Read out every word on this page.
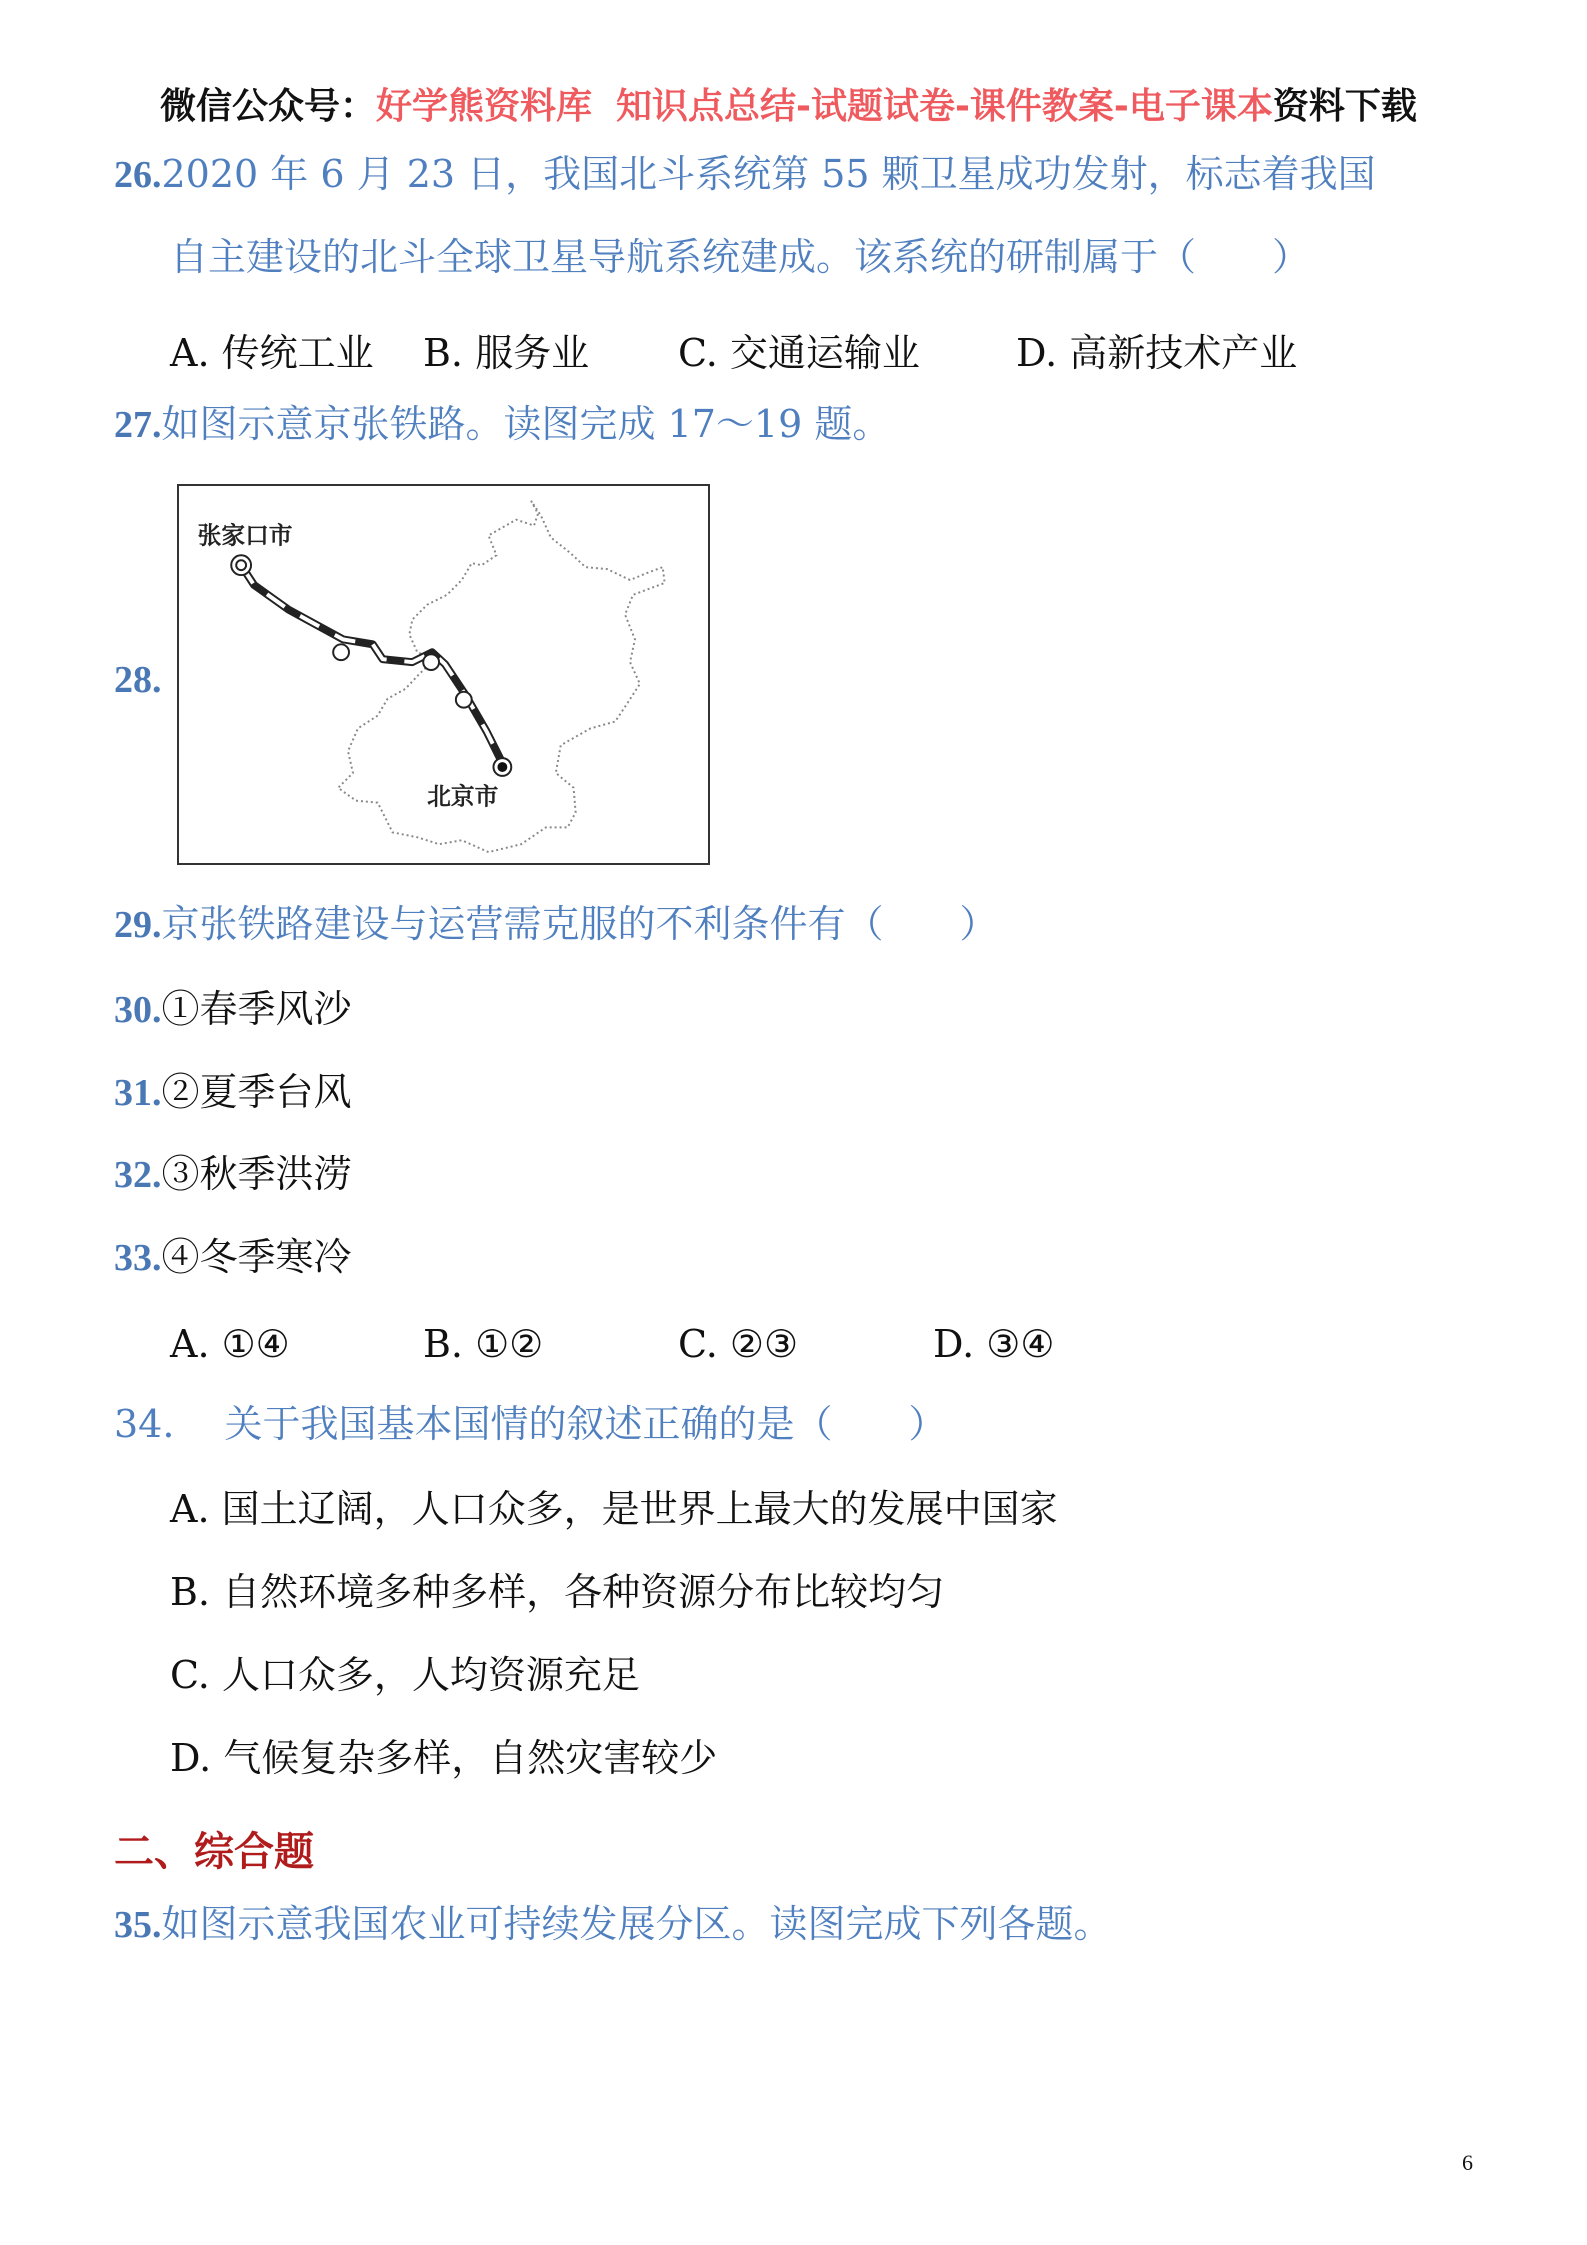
微信公众号： 好学熊资料库 知识点总结-试题试卷-课件教案-电子课本 资料下载
26.2020 年 6 月 23 日，我国北斗系统第 55 颗卫星成功发射，标志着我国
自主建设的北斗全球卫星导航系统建成。该系统的研制属于（　　）
A. 传统工业 B. 服务业 C. 交通运输业	D. 高新技术产业
27.如图示意京张铁路。读图完成 17～19 题。
28.
张家口市
北京市
29.京张铁路建设与运营需克服的不利条件有（　　）
30.①春季风沙
31.②夏季台风
32.③秋季洪涝
33.④冬季寒冷
A. ①④	B. ①②	C. ②③	D. ③④
34. 关于我国基本国情的叙述正确的是（　　）
A. 国土辽阔，人口众多，是世界上最大的发展中国家
B. 自然环境多种多样，各种资源分布比较均匀
C. 人口众多，人均资源充足
D. 气候复杂多样，自然灾害较少
二、综合题
35.如图示意我国农业可持续发展分区。读图完成下列各题。
6
